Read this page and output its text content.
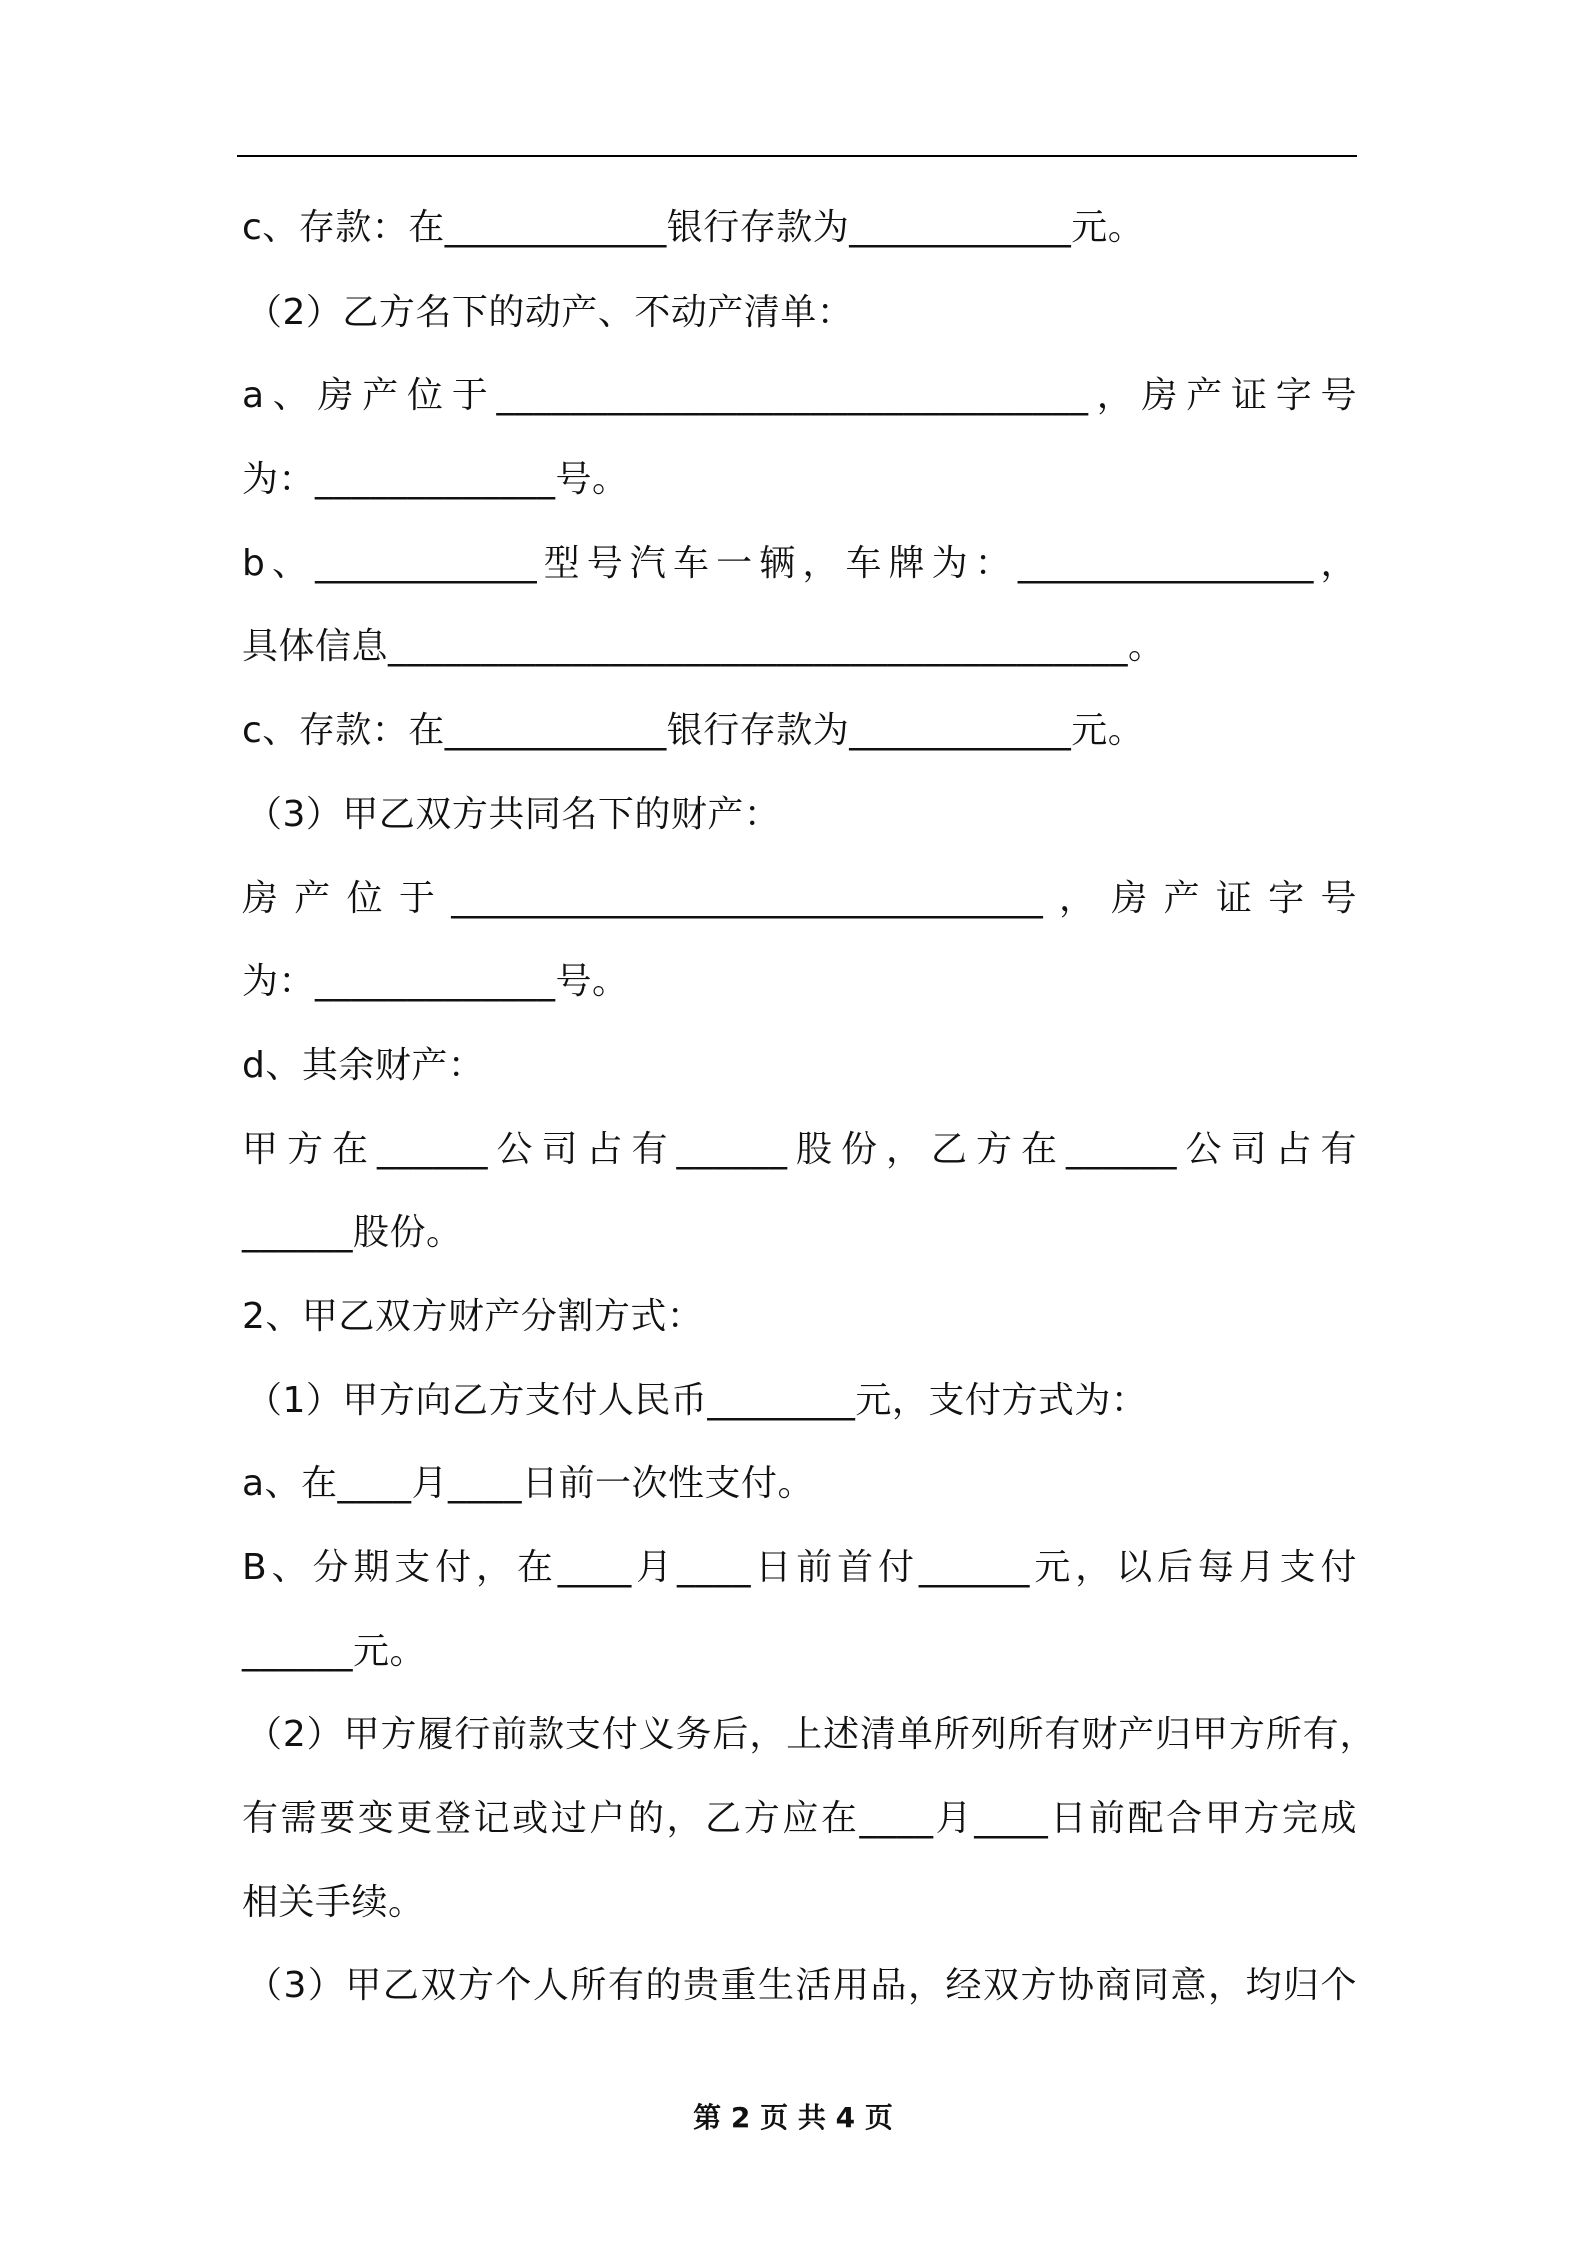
c、存款：在____________银行存款为____________元。
（2）乙方名下的动产、不动产清单：
a、房产位于________________________________，房产证字号
为：_____________号。
b、____________型号汽车一辆，车牌为：________________，
具体信息________________________________________。
c、存款：在____________银行存款为____________元。
（3）甲乙双方共同名下的财产：
房产位于________________________________，房产证字号
为：_____________号。
d、其余财产：
甲方在______公司占有______股份，乙方在______公司占有
______股份。
2、甲乙双方财产分割方式：
（1）甲方向乙方支付人民币________元，支付方式为：
a、在____月____日前一次性支付。
B、分期支付，在____月____日前首付______元，以后每月支付
______元。
（2）甲方履行前款支付义务后，上述清单所列所有财产归甲方所有，
有需要变更登记或过户的，乙方应在____月____日前配合甲方完成
相关手续。
（3）甲乙双方个人所有的贵重生活用品，经双方协商同意，均归个
第 2 页 共 4 页
